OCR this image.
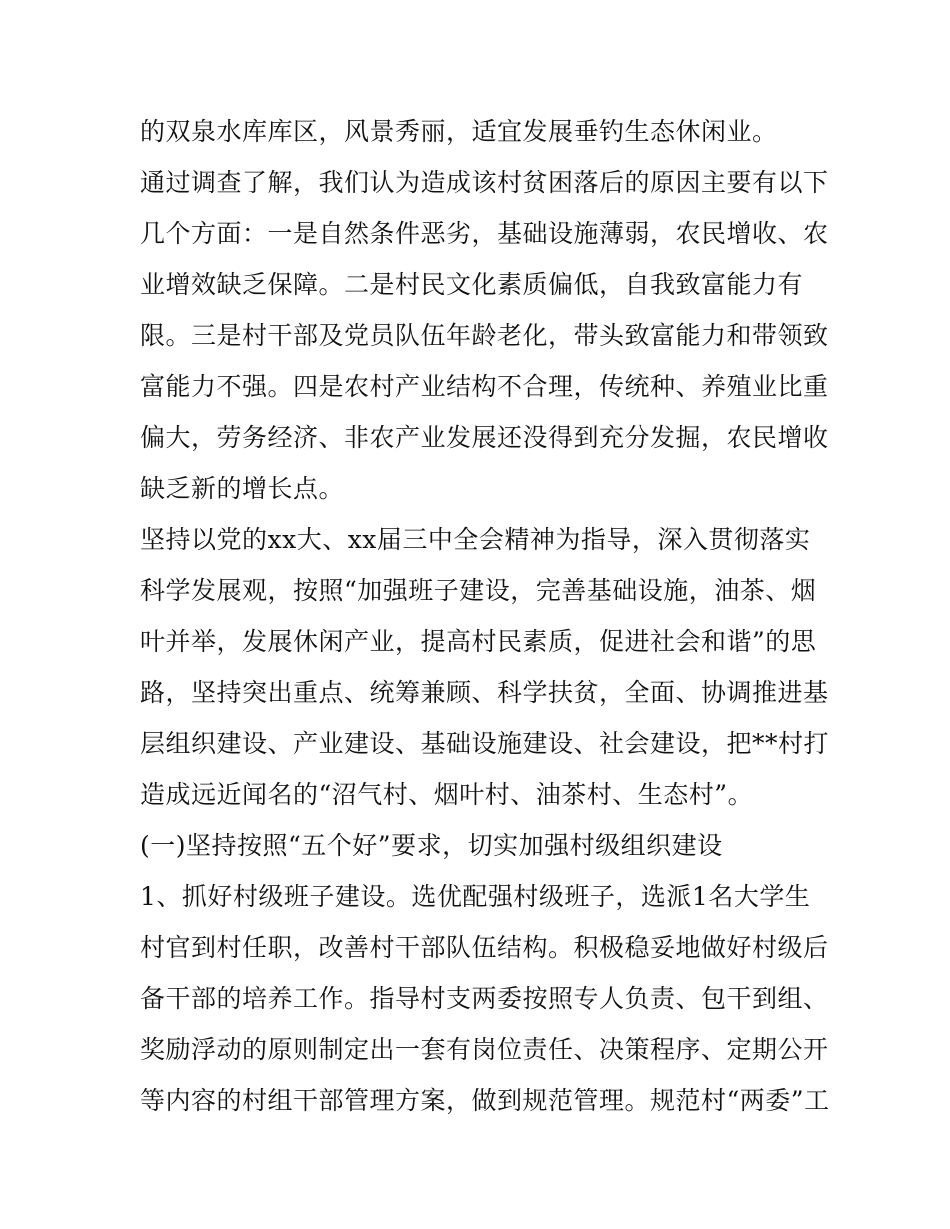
的双泉水库库区，风景秀丽，适宜发展垂钓生态休闲业。
通过调查了解，我们认为造成该村贫困落后的原因主要有以下
几个方面：一是自然条件恶劣，基础设施薄弱，农民增收、农
业增效缺乏保障。二是村民文化素质偏低，自我致富能力有
限。三是村干部及党员队伍年龄老化，带头致富能力和带领致
富能力不强。四是农村产业结构不合理，传统种、养殖业比重
偏大，劳务经济、非农产业发展还没得到充分发掘，农民增收
缺乏新的增长点。
坚持以党的xx大、xx届三中全会精神为指导，深入贯彻落实
科学发展观，按照“加强班子建设，完善基础设施，油茶、烟
叶并举，发展休闲产业，提高村民素质，促进社会和谐”的思
路，坚持突出重点、统筹兼顾、科学扶贫，全面、协调推进基
层组织建设、产业建设、基础设施建设、社会建设，把**村打
造成远近闻名的“沼气村、烟叶村、油茶村、生态村”。
(一)坚持按照“五个好”要求，切实加强村级组织建设
1、抓好村级班子建设。选优配强村级班子，选派1名大学生
村官到村任职，改善村干部队伍结构。积极稳妥地做好村级后
备干部的培养工作。指导村支两委按照专人负责、包干到组、
奖励浮动的原则制定出一套有岗位责任、决策程序、定期公开
等内容的村组干部管理方案，做到规范管理。规范村“两委”工
